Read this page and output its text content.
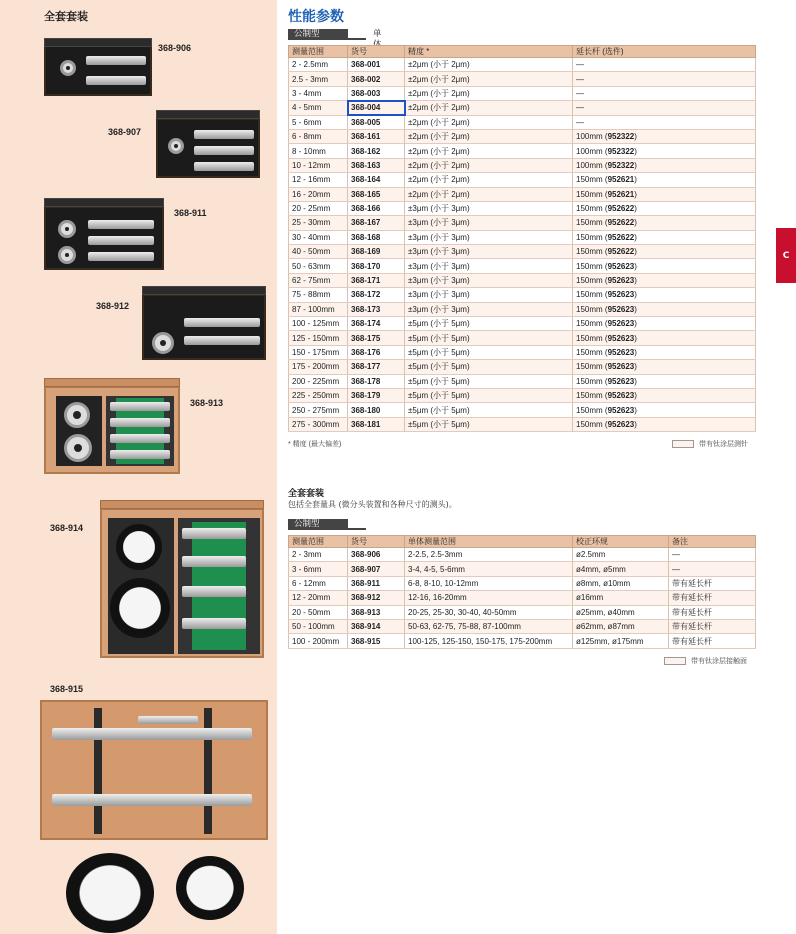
全套套装
368-906
368-907
368-911
368-912
368-913
368-914
368-915
性能参数
公制型	单
测量范围	货号	精度 *	延长杆 (选件)
2 - 2.5mm	368-001	±2μm (小于 2μm)	—
2.5 - 3mm	368-002	±2μm (小于 2μm)	—
3 - 4mm	368-003	±2μm (小于 2μm)	—
4 - 5mm	368-004	±2μm (小于 2μm)	—
5 - 6mm	368-005	±2μm (小于 2μm)	—
6 - 8mm	368-161	±2μm (小于 2μm)	100mm (952322)
8 - 10mm	368-162	±2μm (小于 2μm)	100mm (952322)
10 - 12mm	368-163	±2μm (小于 2μm)	100mm (952322)
12 - 16mm	368-164	±2μm (小于 2μm)	150mm (952621)
16 - 20mm	368-165	±2μm (小于 2μm)	150mm (952621)
20 - 25mm	368-166	±3μm (小于 3μm)	150mm (952622)
25 - 30mm	368-167	±3μm (小于 3μm)	150mm (952622)
30 - 40mm	368-168	±3μm (小于 3μm)	150mm (952622)
40 - 50mm	368-169	±3μm (小于 3μm)	150mm (952622)
50 - 63mm	368-170	±3μm (小于 3μm)	150mm (952623)
62 - 75mm	368-171	±3μm (小于 3μm)	150mm (952623)
75 - 88mm	368-172	±3μm (小于 3μm)	150mm (952623)
87 - 100mm	368-173	±3μm (小于 3μm)	150mm (952623)
100 - 125mm	368-174	±5μm (小于 5μm)	150mm (952623)
125 - 150mm	368-175	±5μm (小于 5μm)	150mm (952623)
150 - 175mm	368-176	±5μm (小于 5μm)	150mm (952623)
175 - 200mm	368-177	±5μm (小于 5μm)	150mm (952623)
200 - 225mm	368-178	±5μm (小于 5μm)	150mm (952623)
225 - 250mm	368-179	±5μm (小于 5μm)	150mm (952623)
250 - 275mm	368-180	±5μm (小于 5μm)	150mm (952623)
275 - 300mm	368-181	±5μm (小于 5μm)	150mm (952623)
* 精度 (最大偏差)	带有钛涂层测针
全套套装
包括全套量具 (微分头装置和各种尺寸的测头)。
公制型
测量范围	货号	单体测量范围	校正环规	备注
2 - 3mm	368-906	2-2.5, 2.5-3mm	ø2.5mm	—
3 - 6mm	368-907	3-4, 4-5, 5-6mm	ø4mm, ø5mm	—
6 - 12mm	368-911	6-8, 8-10, 10-12mm	ø8mm, ø10mm	带有延长杆
12 - 20mm	368-912	12-16, 16-20mm	ø16mm	带有延长杆
20 - 50mm	368-913	20-25, 25-30, 30-40, 40-50mm	ø25mm, ø40mm	带有延长杆
50 - 100mm	368-914	50-63, 62-75, 75-88, 87-100mm	ø62mm, ø87mm	带有延长杆
100 - 200mm	368-915	100-125, 125-150, 150-175, 175-200mm	ø125mm, ø175mm	带有延长杆
带有钛涂层接触面
C
